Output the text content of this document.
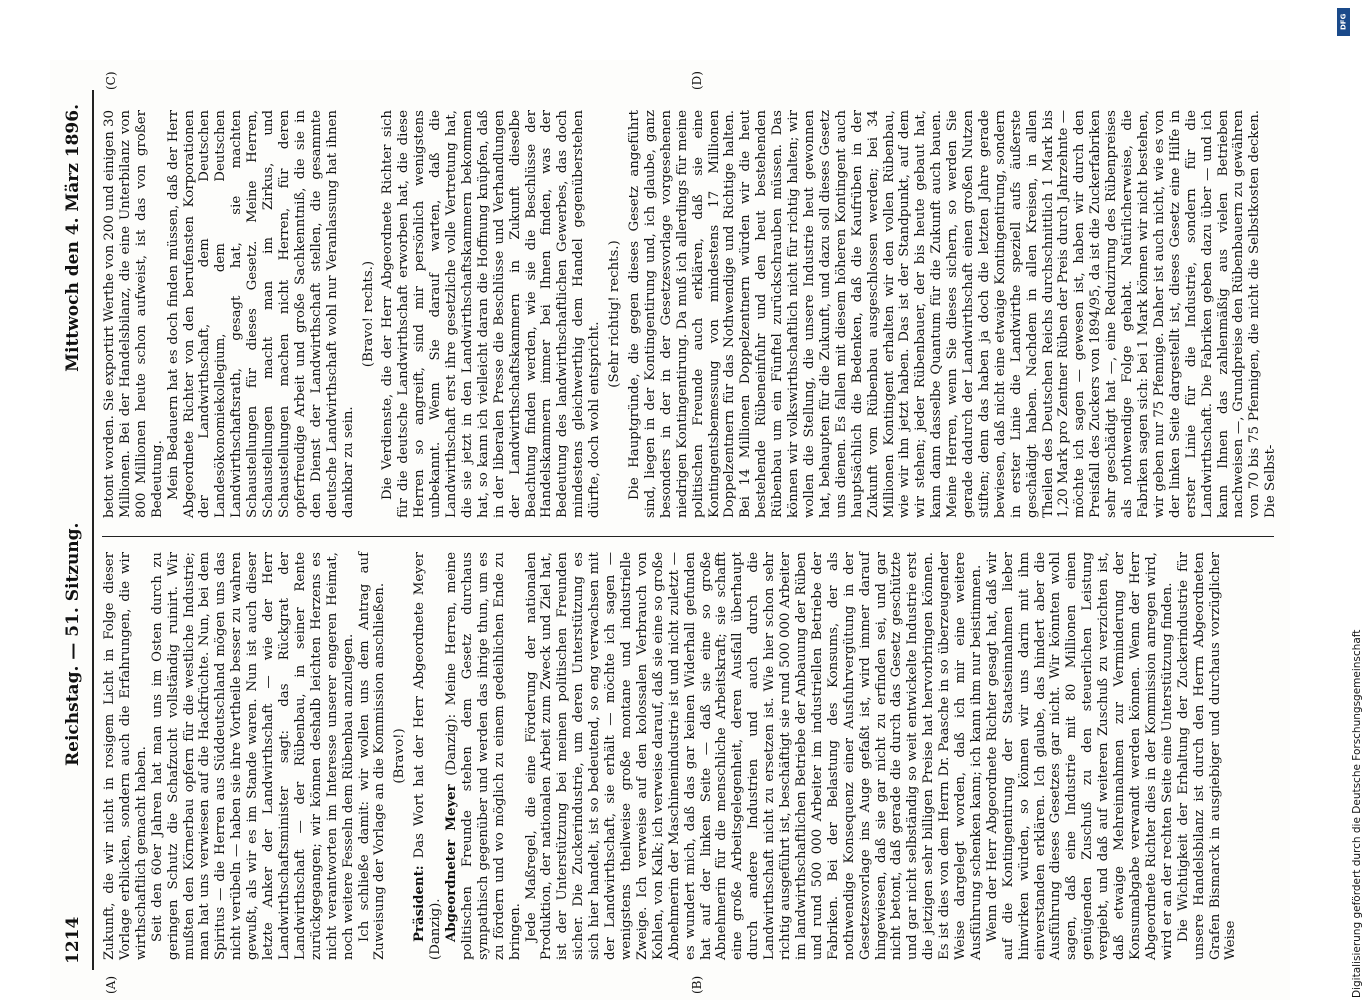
1214
Reichstag. — 51. Sitzung.
Mittwoch den 4. März 1896.
(A)	(B)
(C)	(D)

Zukunft, die wir nicht in rosigem Licht in Folge dieser Vorlage erblicken, sondern auch die Erfahrungen, die wir wirthschaftlich gemacht haben. Seit den 60er Jahren hat man uns im Osten durch zu geringen Schutz die Schafzucht vollständig ruinirt. Wir mußten den Körnerbau opfern für die westliche Industrie; man hat uns verwiesen auf die Hackfrüchte. Nun, bei dem Spiritus — die Herren aus Süddeutschland mögen uns das nicht verübeln — haben sie ihre Vortheile besser zu wahren gewußt, als wir es im Stande waren. Nun ist auch dieser letzte Anker der Landwirthschaft — wie der Herr Landwirthschaftsminister sagt: das Rückgrat der Landwirthschaft — der Rübenbau, in seiner Rente zurückgegangen; wir können deshalb leichten Herzens es nicht verantworten im Interesse unserer engeren Heimat, noch weitere Fesseln dem Rübenbau anzulegen. Ich schließe damit: wir wollen uns dem Antrag auf Zuweisung der Vorlage an die Kommission anschließen. (Bravo!)

Präsident: Das Wort hat der Herr Abgeordnete Meyer (Danzig). Abgeordneter Meyer (Danzig): Meine Herren, meine politischen Freunde stehen dem Gesetz durchaus sympathisch gegenüber und werden das ihrige thun, um es zu fördern und wo möglich zu einem gedeihlichen Ende zu bringen. Jede Maßregel, die eine Förderung der nationalen Produktion, der nationalen Arbeit zum Zweck und Ziel hat, ist der Unterstützung bei meinen politischen Freunden sicher. Die Zuckerindustrie, um deren Unterstützung es sich hier handelt, ist so bedeutend, so eng verwachsen mit der Landwirthschaft, sie erhält — möchte ich sagen — wenigstens theilweise große montane und industrielle Zweige. Ich verweise auf den kolossalen Verbrauch von Kohlen, von Kalk; ich verweise darauf, daß sie eine so große Abnehmerin der Maschinenindustrie ist und nicht zuletzt — es wundert mich, daß das gar keinen Widerhall gefunden hat auf der linken Seite — daß sie eine so große Abnehmerin für die menschliche Arbeitskraft; sie schafft eine große Arbeitsgelegenheit, deren Ausfall überhaupt durch andere Industrien und auch durch die Landwirthschaft nicht zu ersetzen ist. Wie hier schon sehr richtig ausgeführt ist, beschäftigt sie rund 500 000 Arbeiter im landwirthschaftlichen Betriebe der Anbauung der Rüben und rund 500 000 Arbeiter im industriellen Betriebe der Fabriken. Bei der Belastung des Konsums, der als nothwendige Konsequenz einer Ausfuhrvergütung in der Gesetzesvorlage ins Auge gefaßt ist, wird immer darauf hingewiesen, daß sie gar nicht zu erfinden sei, und gar nicht betont, daß gerade die durch das Gesetz geschützte und gar nicht selbständig so weit entwickelte Industrie erst die jetzigen sehr billigen Preise hat hervorbringen können. Es ist dies von dem Herrn Dr. Paasche in so überzeugender Weise dargelegt worden, daß ich mir eine weitere Ausführung schenken kann; ich kann ihm nur beistimmen. Wenn der Herr Abgeordnete Richter gesagt hat, daß wir auf die Kontingentirung der Staatseinnahmen lieber hinwirken würden, so können wir uns darin mit ihm einverstanden erklären. Ich glaube, das hindert aber die Ausführung dieses Gesetzes gar nicht. Wir könnten wohl sagen, daß eine Industrie mit 80 Millionen einen genügenden Zuschuß zu den steuerlichen Leistung vergiebt, und daß auf weiteren Zuschuß zu verzichten ist, daß etwaige Mehreinnahmen zur Verminderung der Konsumabgabe verwandt werden können. Wenn der Herr Abgeordnete Richter dies in der Kommission anregen wird, wird er an der rechten Seite eine Unterstützung finden. Die Wichtigkeit der Erhaltung der Zuckerindustrie für unsere Handelsbilanz ist durch den Herrn Abgeordneten Grafen Bismarck in ausgiebiger und durchaus vorzüglicher Weise

betont worden. Sie exportirt Werthe von 200 und einigen 30 Millionen. Bei der Handelsbilanz, die eine Unterbilanz von 800 Millionen heute schon aufweist, ist das von großer Bedeutung. Mein Bedauern hat es doch finden müssen, daß der Herr Abgeordnete Richter von den berufensten Korporationen der Landwirthschaft, dem Deutschen Landesökonomiekollegium, dem Deutschen Landwirthschaftsrath, gesagt hat, sie machten Schaustellungen für dieses Gesetz. Meine Herren, Schaustellungen macht man im Zirkus, und Schaustellungen machen nicht Herren, für deren opferfreudige Arbeit und große Sachkenntniß, die sie in den Dienst der Landwirthschaft stellen, die gesammte deutsche Landwirthschaft wohl nur Veranlassung hat ihnen dankbar zu sein.

(Bravo! rechts.) Die Verdienste, die der Herr Abgeordnete Richter sich für die deutsche Landwirthschaft erworben hat, die diese Herren so angreift, sind mir persönlich wenigstens unbekannt. Wenn Sie darauf warten, daß die Landwirthschaft erst ihre gesetzliche volle Vertretung hat, die sie jetzt in den Landwirthschaftskammern bekommen hat, so kann ich vielleicht daran die Hoffnung knüpfen, daß in der liberalen Presse die Beschlüsse und Verhandlungen der Landwirthschaftskammern in Zukunft dieselbe Beachtung finden werden, wie sie die Beschlüsse der Handelskammern immer bei Ihnen finden, was der Bedeutung des landwirthschaftlichen Gewerbes, das doch mindestens gleichwerthig dem Handel gegenüberstehen dürfte, doch wohl entspricht.

(Sehr richtig! rechts.) Die Hauptgründe, die gegen dieses Gesetz angeführt sind, liegen in der Kontingentirung und, ich glaube, ganz besonders in der in der Gesetzesvorlage vorgesehenen niedrigen Kontingentirung. Da muß ich allerdings für meine politischen Freunde auch erklären, daß sie eine Kontingentsbemessung von mindestens 17 Millionen Doppelzentnern für das Nothwendige und Richtige halten. Bei 14 Millionen Doppelzentnern würden wir die heut bestehende Rübeneinfuhr und den heut bestehenden Rübenbau um ein Fünftel zurückschrauben müssen. Das können wir volkswirthschaftlich nicht für richtig halten; wir wollen die Stellung, die unsere Industrie heut gewonnen hat, behaupten für die Zukunft, und dazu soll dieses Gesetz uns dienen. Es fallen mit diesem höheren Kontingent auch hauptsächlich die Bedenken, daß die Kaufrüben in der Zukunft vom Rübenbau ausgeschlossen werden; bei 34 Millionen Kontingent erhalten wir den vollen Rübenbau, wie wir ihn jetzt haben. Das ist der Standpunkt, auf dem wir stehen; jeder Rübenbauer, der bis heute gebaut hat, kann dann dasselbe Quantum für die Zukunft auch bauen. Meine Herren, wenn Sie dieses sichern, so werden Sie gerade dadurch der Landwirthschaft einen großen Nutzen stiften; denn das haben ja doch die letzten Jahre gerade bewiesen, daß nicht eine etwaige Kontingentirung, sondern in erster Linie die Landwirthe speziell aufs äußerste geschädigt haben. Nachdem in allen Kreisen, in allen Theilen des Deutschen Reichs durchschnittlich 1 Mark bis 1,20 Mark pro Zentner Rüben der Preis durch Jahrzehnte — möchte ich sagen — gewesen ist, haben wir durch den Preisfall des Zuckers von 1894/95, da ist die Zuckerfabriken sehr geschädigt hat —, eine Reduzirung des Rübenpreises als nothwendige Folge gehabt. Natürlicherweise, die Fabriken sagen sich: bei 1 Mark können wir nicht bestehen, wir geben nur 75 Pfennige. Daher ist auch nicht, wie es von der linken Seite dargestellt ist, dieses Gesetz eine Hilfe in erster Linie für die Industrie, sondern für die Landwirthschaft. Die Fabriken geben dazu über — und ich kann Ihnen das zahlenmäßig aus vielen Betrieben nachweisen —, Grundpreise den Rübenbauern zu gewähren von 70 bis 75 Pfennigen, die nicht die Selbstkosten decken. Die Selbst-

DFG
Digitalisierung gefördert durch die Deutsche Forschungsgemeinschaft
